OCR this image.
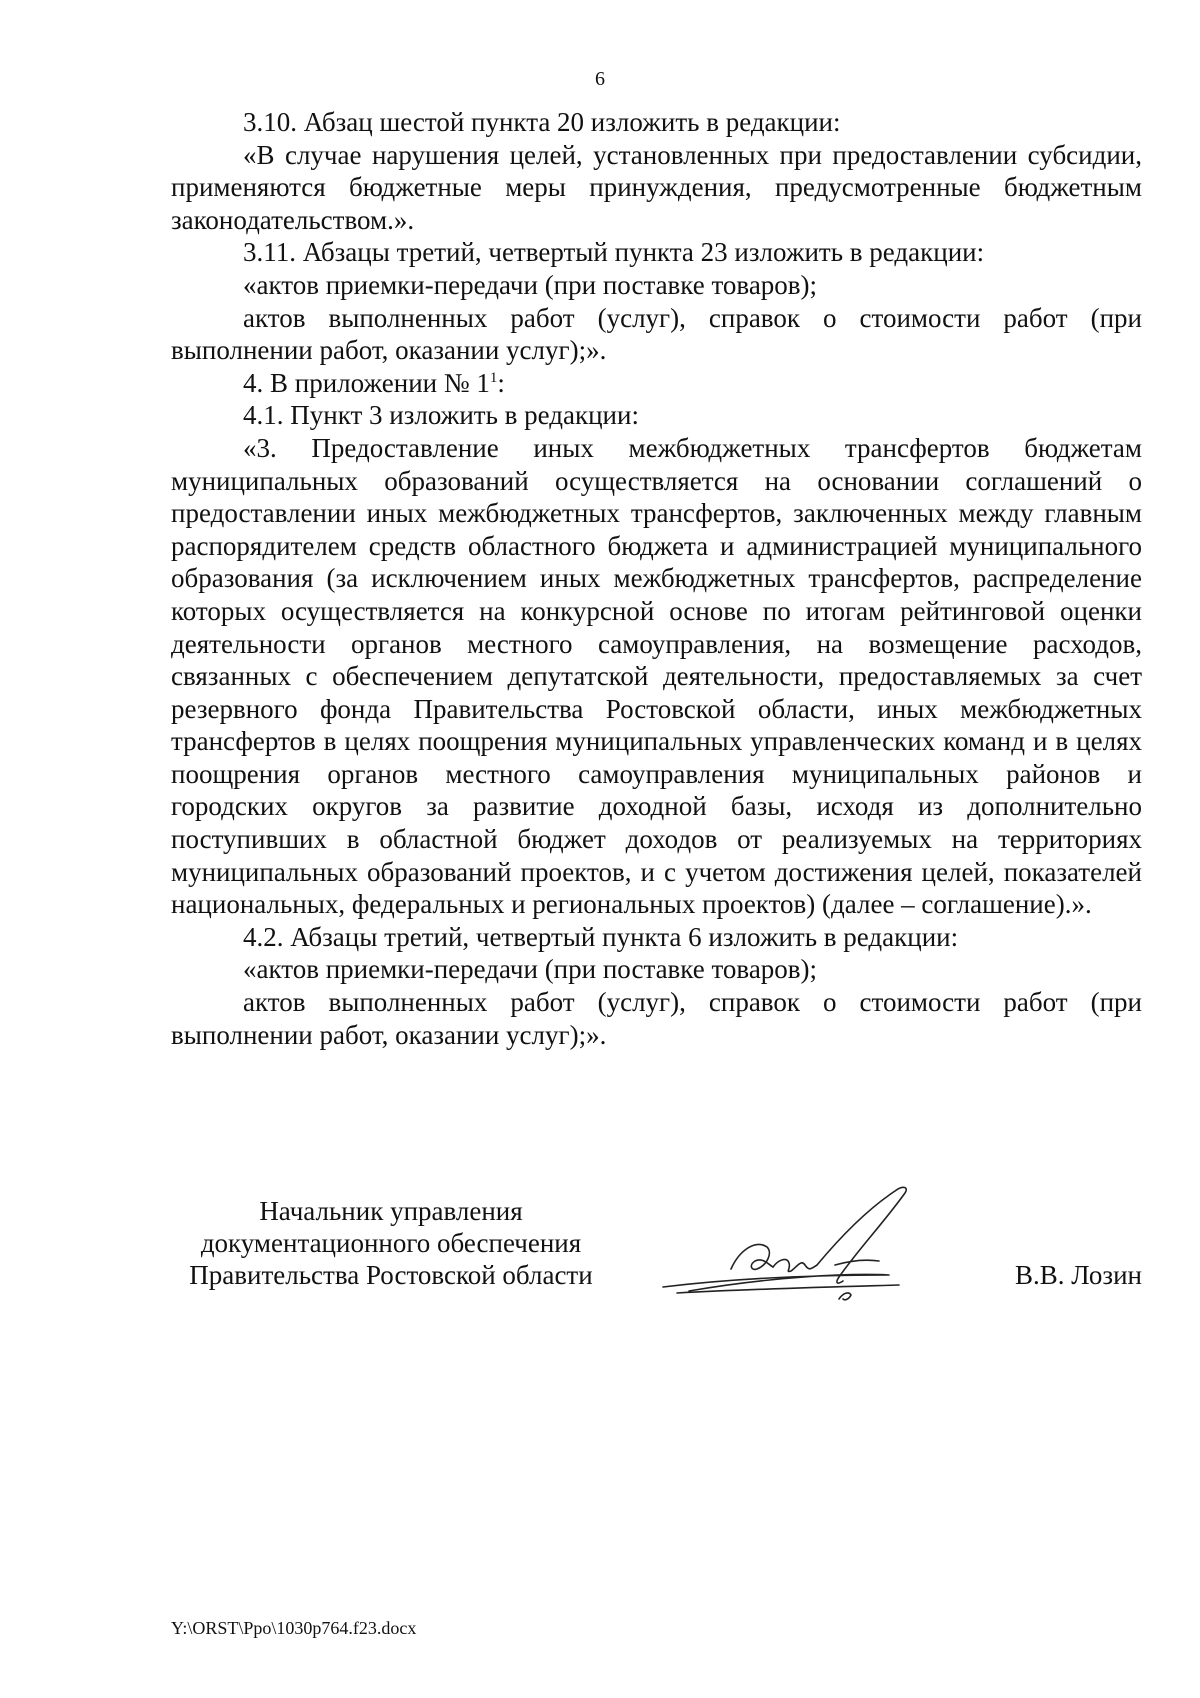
6

3.10. Абзац шестой пункта 20 изложить в редакции:

«В случае нарушения целей, установленных при предоставлении субсидии, применяются бюджетные меры принуждения, предусмотренные бюджетным законодательством.».

3.11. Абзацы третий, четвертый пункта 23 изложить в редакции:

«актов приемки-передачи (при поставке товаров);

актов выполненных работ (услуг), справок о стоимости работ (при выполнении работ, оказании услуг);».

4. В приложении № $1^1$:

4.1. Пункт 3 изложить в редакции:

«3. Предоставление иных межбюджетных трансфертов бюджетам муниципальных образований осуществляется на основании соглашений о предоставлении иных межбюджетных трансфертов, заключенных между главным распорядителем средств областного бюджета и администрацией муниципального образования (за исключением иных межбюджетных трансфертов, распределение которых осуществляется на конкурсной основе по итогам рейтинговой оценки деятельности органов местного самоуправления, на возмещение расходов, связанных с обеспечением депутатской деятельности, предоставляемых за счет резервного фонда Правительства Ростовской области, иных межбюджетных трансфертов в целях поощрения муниципальных управленческих команд и в целях поощрения органов местного самоуправления муниципальных районов и городских округов за развитие доходной базы, исходя из дополнительно поступивших в областной бюджет доходов от реализуемых на территориях муниципальных образований проектов, и с учетом достижения целей, показателей национальных, федеральных и региональных проектов) (далее – соглашение).».

4.2. Абзацы третий, четвертый пункта 6 изложить в редакции:

«актов приемки-передачи (при поставке товаров);

актов выполненных работ (услуг), справок о стоимости работ (при выполнении работ, оказании услуг);».

Начальник управления
документационного обеспечения
Правительства Ростовской области	В.В. Лозин
Y:\ORST\Ppo\1030p764.f23.docx
